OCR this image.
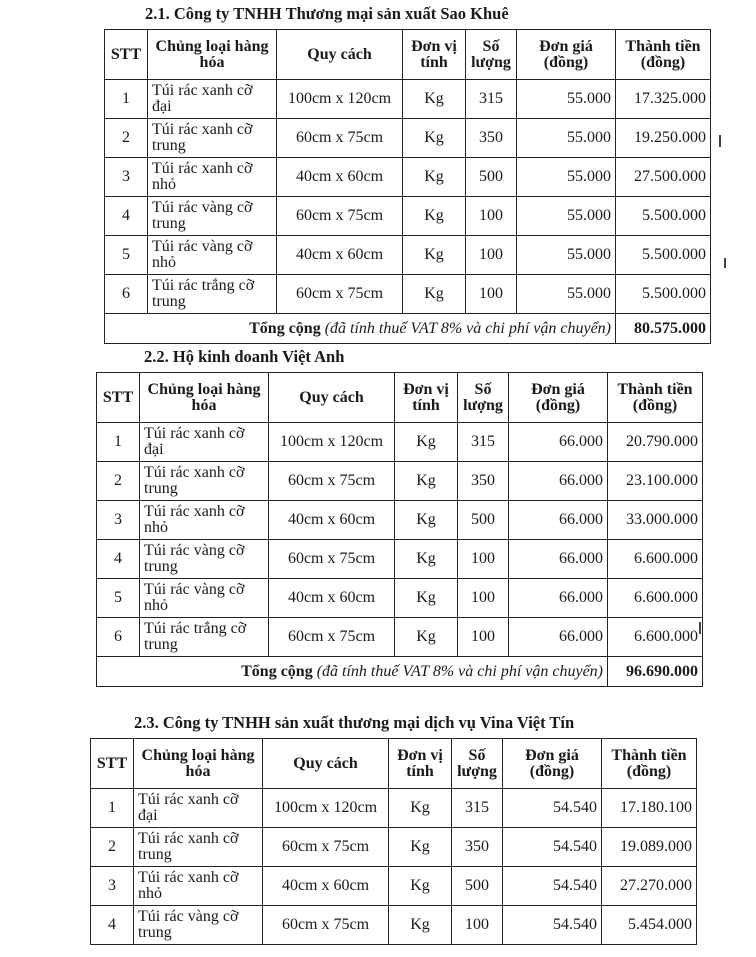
2.1. Công ty TNHH Thương mại sản xuất Sao Khuê
STT	Chủng loại hàng hóa	Quy cách	Đơn vị tính	Số lượng	Đơn giá (đồng)	Thành tiền (đồng)
1	Túi rác xanh cỡ đại	100cm x 120cm	Kg	315	55.000	17.325.000
2	Túi rác xanh cỡ trung	60cm x 75cm	Kg	350	55.000	19.250.000
3	Túi rác xanh cỡ nhỏ	40cm x 60cm	Kg	500	55.000	27.500.000
4	Túi rác vàng cỡ trung	60cm x 75cm	Kg	100	55.000	5.500.000
5	Túi rác vàng cỡ nhỏ	40cm x 60cm	Kg	100	55.000	5.500.000
6	Túi rác trắng cỡ trung	60cm x 75cm	Kg	100	55.000	5.500.000
Tổng cộng (đã tính thuế VAT 8% và chi phí vận chuyển)						80.575.000
2.2. Hộ kinh doanh Việt Anh
STT	Chủng loại hàng hóa	Quy cách	Đơn vị tính	Số lượng	Đơn giá (đồng)	Thành tiền (đồng)
1	Túi rác xanh cỡ đại	100cm x 120cm	Kg	315	66.000	20.790.000
2	Túi rác xanh cỡ trung	60cm x 75cm	Kg	350	66.000	23.100.000
3	Túi rác xanh cỡ nhỏ	40cm x 60cm	Kg	500	66.000	33.000.000
4	Túi rác vàng cỡ trung	60cm x 75cm	Kg	100	66.000	6.600.000
5	Túi rác vàng cỡ nhỏ	40cm x 60cm	Kg	100	66.000	6.600.000
6	Túi rác trắng cỡ trung	60cm x 75cm	Kg	100	66.000	6.600.000
Tổng cộng (đã tính thuế VAT 8% và chi phí vận chuyển)						96.690.000
2.3. Công ty TNHH sản xuất thương mại dịch vụ Vina Việt Tín
STT	Chủng loại hàng hóa	Quy cách	Đơn vị tính	Số lượng	Đơn giá (đồng)	Thành tiền (đồng)
1	Túi rác xanh cỡ đại	100cm x 120cm	Kg	315	54.540	17.180.100
2	Túi rác xanh cỡ trung	60cm x 75cm	Kg	350	54.540	19.089.000
3	Túi rác xanh cỡ nhỏ	40cm x 60cm	Kg	500	54.540	27.270.000
4	Túi rác vàng cỡ trung	60cm x 75cm	Kg	100	54.540	5.454.000
